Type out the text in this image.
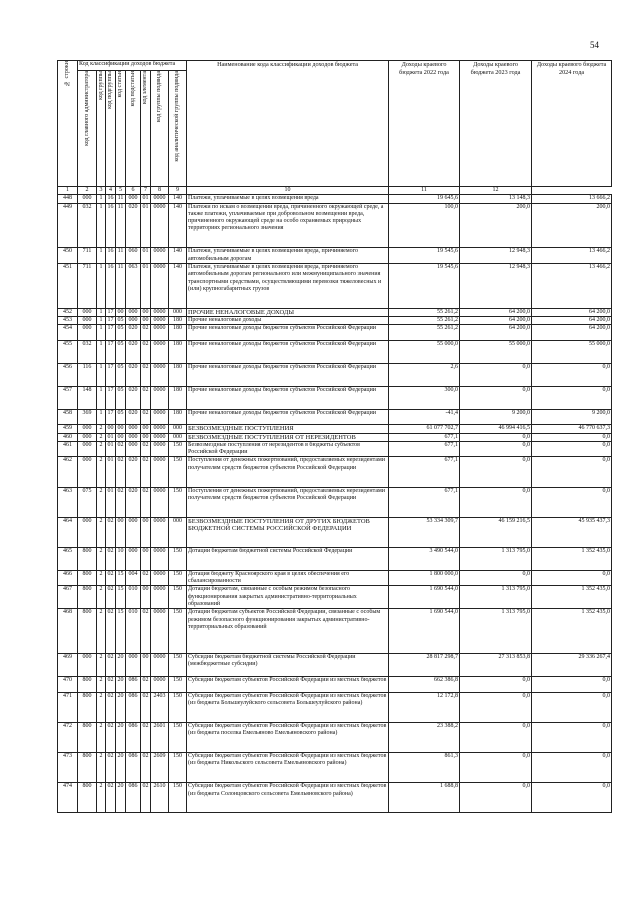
54
№ строки	Код классификации доходов бюджета								Наименование кода классификации доходов бюджета	Доходы краевого бюджета 2022 года	Доходы краевого бюджета 2023 года	Доходы краевого бюджета 2024 года
	код главного администратора	код группы	код подгруппы	код статьи	код подстатьи	код элемента	код группы подвида	код аналитической группы подвида				
1	2	3	4	5	6	7	8	9	10	11	12	
448	000	1	16	11	000	01	0000	140	Платежи, уплачиваемые в целях возмещения вреда	19 645,6	13 148,3	13 666,2
449	032	1	16	11	020	01	0000	140	Платежи по искам о возмещении вреда, причиненного окружающей среде, а также платежи, уплачиваемые при добровольном возмещении вреда, причиненного окружающей среде на особо охраняемых природных территориях регионального значения	100,0	200,0	200,0
450	711	1	16	11	060	01	0000	140	Платежи, уплачиваемые в целях возмещения вреда, причиняемого автомобильным дорогам	19 545,6	12 948,3	13 466,2
451	711	1	16	11	063	01	0000	140	Платежи, уплачиваемые в целях возмещения вреда, причиняемого автомобильным дорогам регионального или межмуниципального значения транспортными средствами, осуществляющими перевозки тяжеловесных и (или) крупногабаритных грузов	19 545,6	12 948,3	13 466,2
452	000	1	17	00	000	00	0000	000	ПРОЧИЕ НЕНАЛОГОВЫЕ ДОХОДЫ	55 261,2	64 200,0	64 200,0
453	000	1	17	05	000	00	0000	180	Прочие неналоговые доходы	55 261,2	64 200,0	64 200,0
454	000	1	17	05	020	02	0000	180	Прочие неналоговые доходы бюджетов субъектов Российской Федерации	55 261,2	64 200,0	64 200,0
455	032	1	17	05	020	02	0000	180	Прочие неналоговые доходы бюджетов субъектов Российской Федерации	55 000,0	55 000,0	55 000,0
456	116	1	17	05	020	02	0000	180	Прочие неналоговые доходы бюджетов субъектов Российской Федерации	2,6	0,0	0,0
457	148	1	17	05	020	02	0000	180	Прочие неналоговые доходы бюджетов субъектов Российской Федерации	300,0	0,0	0,0
458	369	1	17	05	020	02	0000	180	Прочие неналоговые доходы бюджетов субъектов Российской Федерации	-41,4	9 200,0	9 200,0
459	000	2	00	00	000	00	0000	000	БЕЗВОЗМЕЗДНЫЕ ПОСТУПЛЕНИЯ	61 077 702,7	46 994 416,5	46 770 637,3
460	000	2	01	00	000	00	0000	000	БЕЗВОЗМЕЗДНЫЕ ПОСТУПЛЕНИЯ ОТ НЕРЕЗИДЕНТОВ	677,1	0,0	0,0
461	000	2	01	02	000	02	0000	150	Безвозмездные поступления от нерезидентов в бюджеты субъектов Российской Федерации	677,1	0,0	0,0
462	000	2	01	02	020	02	0000	150	Поступления от денежных пожертвований, предоставляемых нерезидентами получателям средств бюджетов субъектов Российской Федерации	677,1	0,0	0,0
463	075	2	01	02	020	02	0000	150	Поступления от денежных пожертвований, предоставляемых нерезидентами получателям средств бюджетов субъектов Российской Федерации	677,1	0,0	0,0
464	000	2	02	00	000	00	0000	000	БЕЗВОЗМЕЗДНЫЕ ПОСТУПЛЕНИЯ ОТ ДРУГИХ БЮДЖЕТОВ БЮДЖЕТНОЙ СИСТЕМЫ РОССИЙСКОЙ ФЕДЕРАЦИИ	53 334 309,7	46 159 216,5	45 935 437,3
465	800	2	02	10	000	00	0000	150	Дотации бюджетам бюджетной системы Российской Федерации	3 490 544,0	1 313 795,0	1 352 435,0
466	800	2	02	15	004	02	0000	150	Дотация бюджету Красноярского края в целях обеспечения его сбалансированности	1 800 000,0	0,0	0,0
467	800	2	02	15	010	00	0000	150	Дотации бюджетам, связанные с особым режимом безопасного функционирования закрытых административно-территориальных образований	1 690 544,0	1 313 795,0	1 352 435,0
468	800	2	02	15	010	02	0000	150	Дотации бюджетам субъектов Российской Федерации, связанные с особым режимом безопасного функционирования закрытых административно-территориальных образований	1 690 544,0	1 313 795,0	1 352 435,0
469	000	2	02	20	000	00	0000	150	Субсидии бюджетам бюджетной системы Российской Федерации (межбюджетные субсидии)	28 817 298,7	27 313 853,8	29 336 267,4
470	800	2	02	20	086	02	0000	150	Субсидии бюджетам субъектов Российской Федерации из местных бюджетов	662 386,8	0,0	0,0
471	800	2	02	20	086	02	2403	150	Субсидии бюджетам субъектов Российской Федерации из местных бюджетов (из бюджета Большеулуйского сельсовета Большеулуйского района)	12 172,8	0,0	0,0
472	800	2	02	20	086	02	2601	150	Субсидии бюджетам субъектов Российской Федерации из местных бюджетов (из бюджета поселка Емельяново Емельяновского района)	23 388,2	0,0	0,0
473	800	2	02	20	086	02	2609	150	Субсидии бюджетам субъектов Российской Федерации из местных бюджетов (из бюджета Никольского сельсовета Емельяновского района)	861,3	0,0	0,0
474	800	2	02	20	086	02	2610	150	Субсидии бюджетам субъектов Российской Федерации из местных бюджетов (из бюджета Солонцовского сельсовета Емельяновского района)	1 688,8	0,0	0,0
